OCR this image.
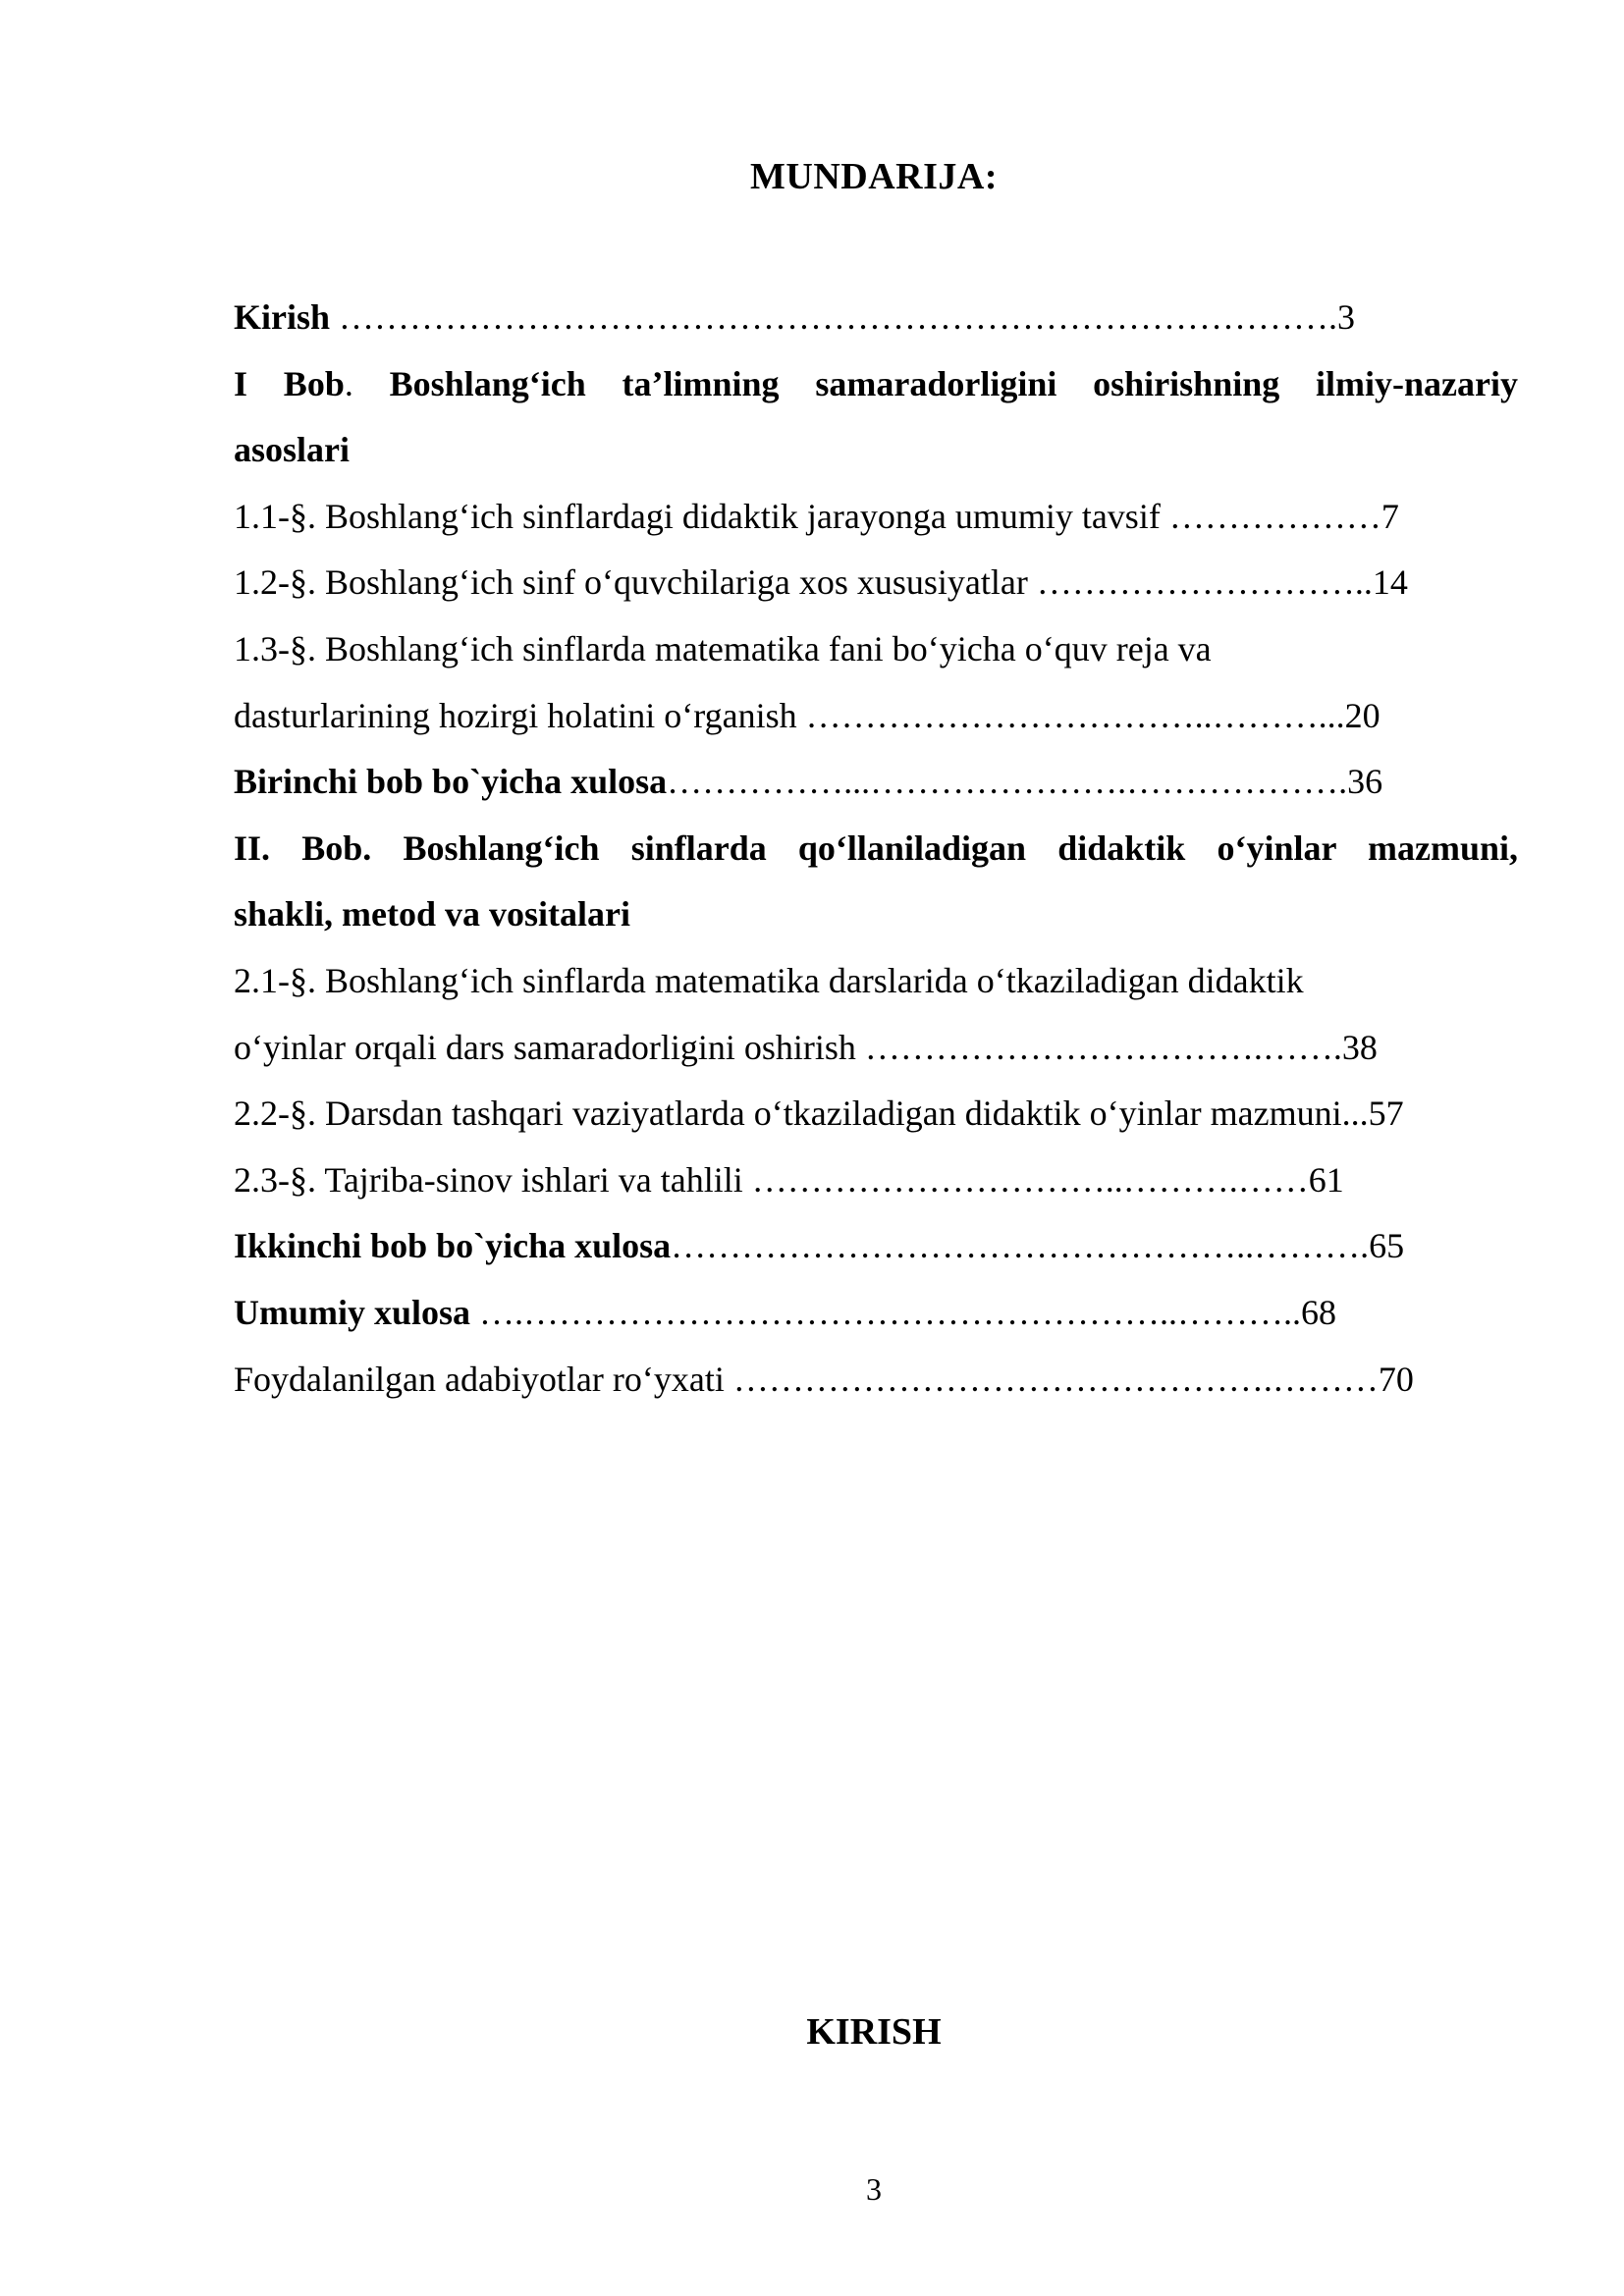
MUNDARIJA:
Kirish ………………………………………………………………………….3
I Bob. Boshlang‘ich ta’limning samaradorligini oshirishning ilmiy-nazariy
asoslari
1.1-§. Boshlang‘ich sinflardagi didaktik jarayonga umumiy tavsif ………………7
1.2-§. Boshlang‘ich sinf o‘quvchilariga xos xususiyatlar ………………………..14
1.3-§. Boshlang‘ich sinflarda matematika fani bo‘yicha o‘quv reja va
dasturlarining hozirgi holatini o‘rganish ……………………………..………...20
Birinchi bob bo`yicha xulosa……………...………………….……………….36
II. Bob. Boshlang‘ich sinflarda qo‘llaniladigan didaktik o‘yinlar mazmuni,
shakli, metod va vositalari
2.1-§. Boshlang‘ich sinflarda matematika darslarida o‘tkaziladigan didaktik
o‘yinlar orqali dars samaradorligini oshirish …………………………….…….38
2.2-§. Darsdan tashqari vaziyatlarda o‘tkaziladigan didaktik o‘yinlar mazmuni...57
2.3-§. Tajriba-sinov ishlari va tahlili …………………………..……….……61
Ikkinchi bob bo`yicha xulosa…………………………………………..……….65
Umumiy xulosa ….………………………………………………..………..68
Foydalanilgan adabiyotlar ro‘yxati ……………………………………….………70
KIRISH
3
